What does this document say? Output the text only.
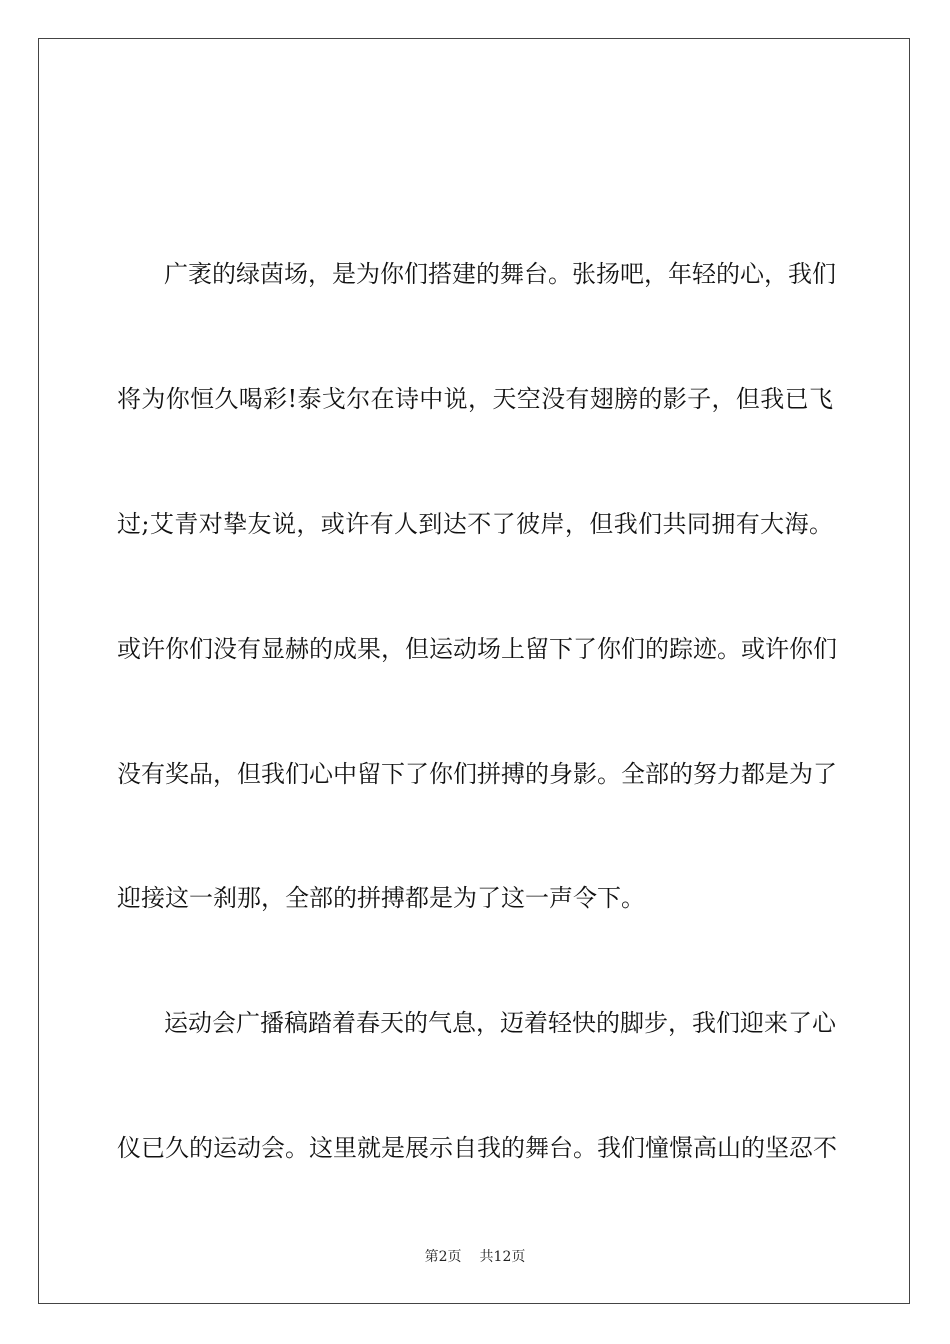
广袤的绿茵场，是为你们搭建的舞台。张扬吧，年轻的心，我们

将为你恒久喝彩!泰戈尔在诗中说，天空没有翅膀的影子，但我已飞

过;艾青对挚友说，或许有人到达不了彼岸，但我们共同拥有大海。

或许你们没有显赫的成果，但运动场上留下了你们的踪迹。或许你们

没有奖品，但我们心中留下了你们拼搏的身影。全部的努力都是为了

迎接这一刹那，全部的拼搏都是为了这一声令下。

运动会广播稿踏着春天的气息，迈着轻快的脚步，我们迎来了心

仪已久的运动会。这里就是展示自我的舞台。我们憧憬高山的坚忍不

第2页 共12页
